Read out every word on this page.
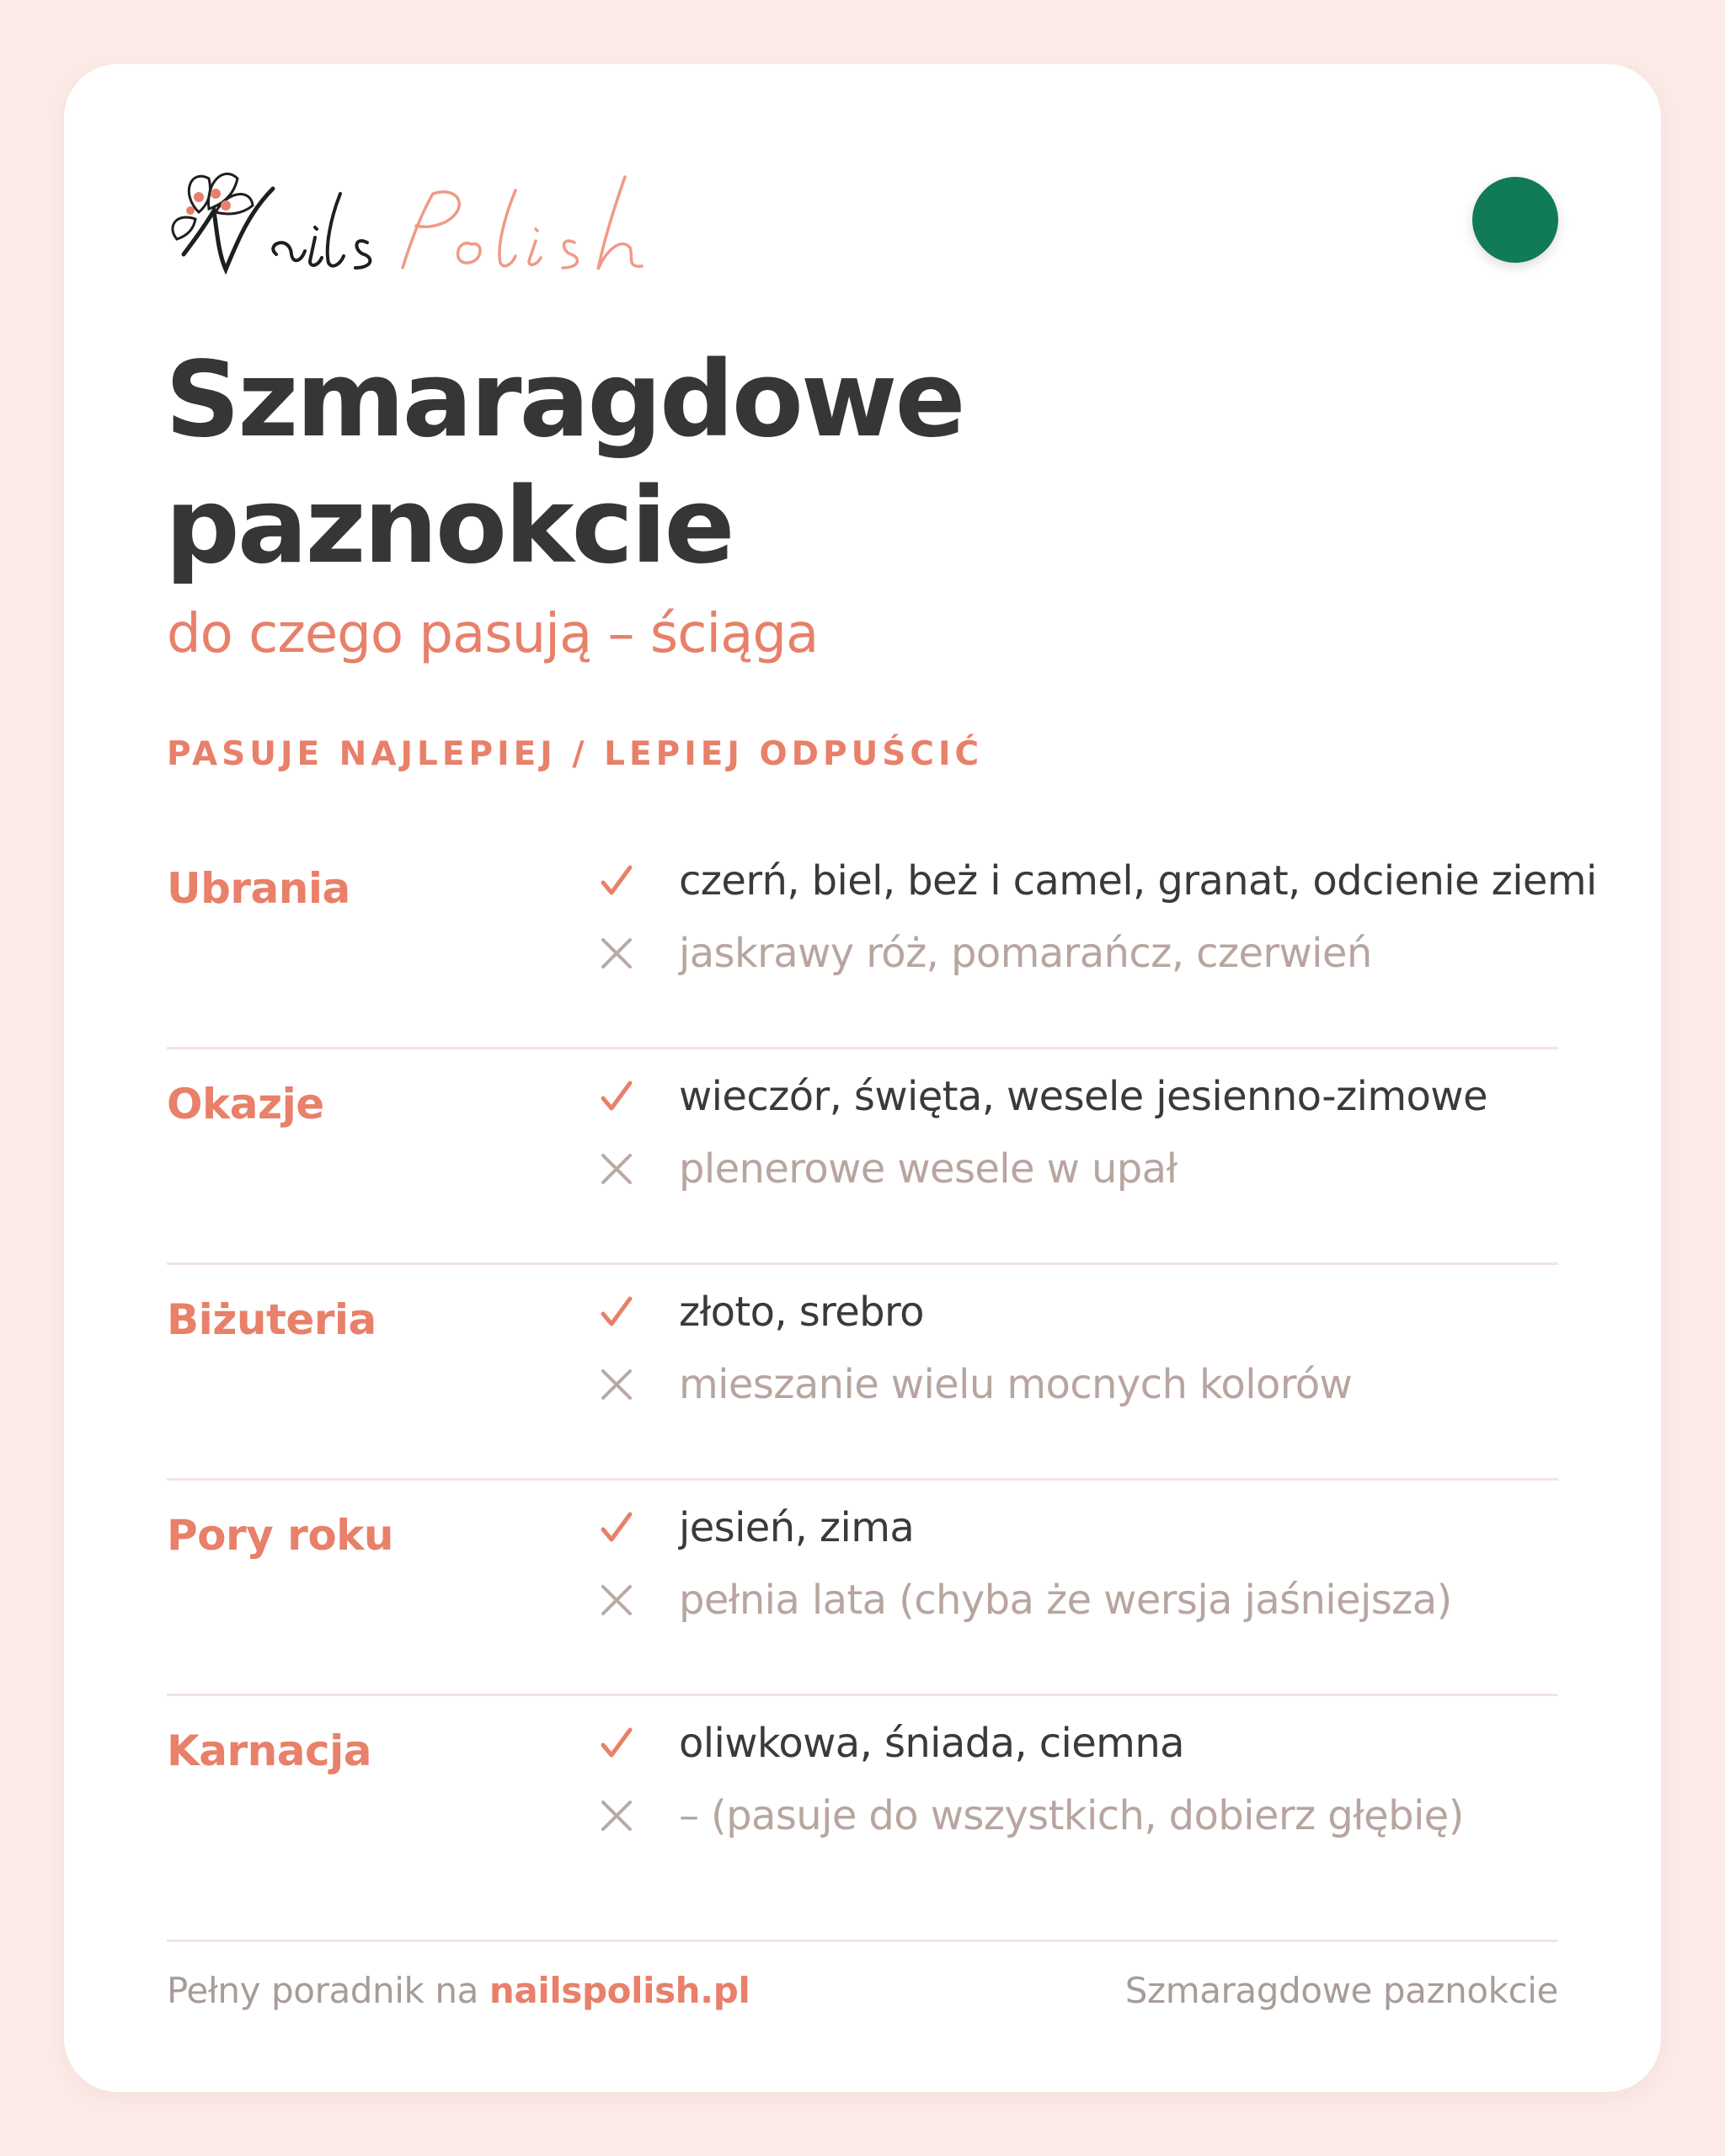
Szmaragdowe
paznokcie
do czego pasują – ściąga
PASUJE NAJLEPIEJ / LEPIEJ ODPUŚCIĆ
Ubrania	czerń, biel, beż i camel, granat, odcienie ziemi
jaskrawy róż, pomarańcz, czerwień
Okazje	wieczór, święta, wesele jesienno-zimowe
plenerowe wesele w upał
Biżuteria	złoto, srebro
mieszanie wielu mocnych kolorów
Pory roku	jesień, zima
pełnia lata (chyba że wersja jaśniejsza)
Karnacja	oliwkowa, śniada, ciemna
– (pasuje do wszystkich, dobierz głębię)
Pełny poradnik na nailspolish.pl	Szmaragdowe paznokcie
